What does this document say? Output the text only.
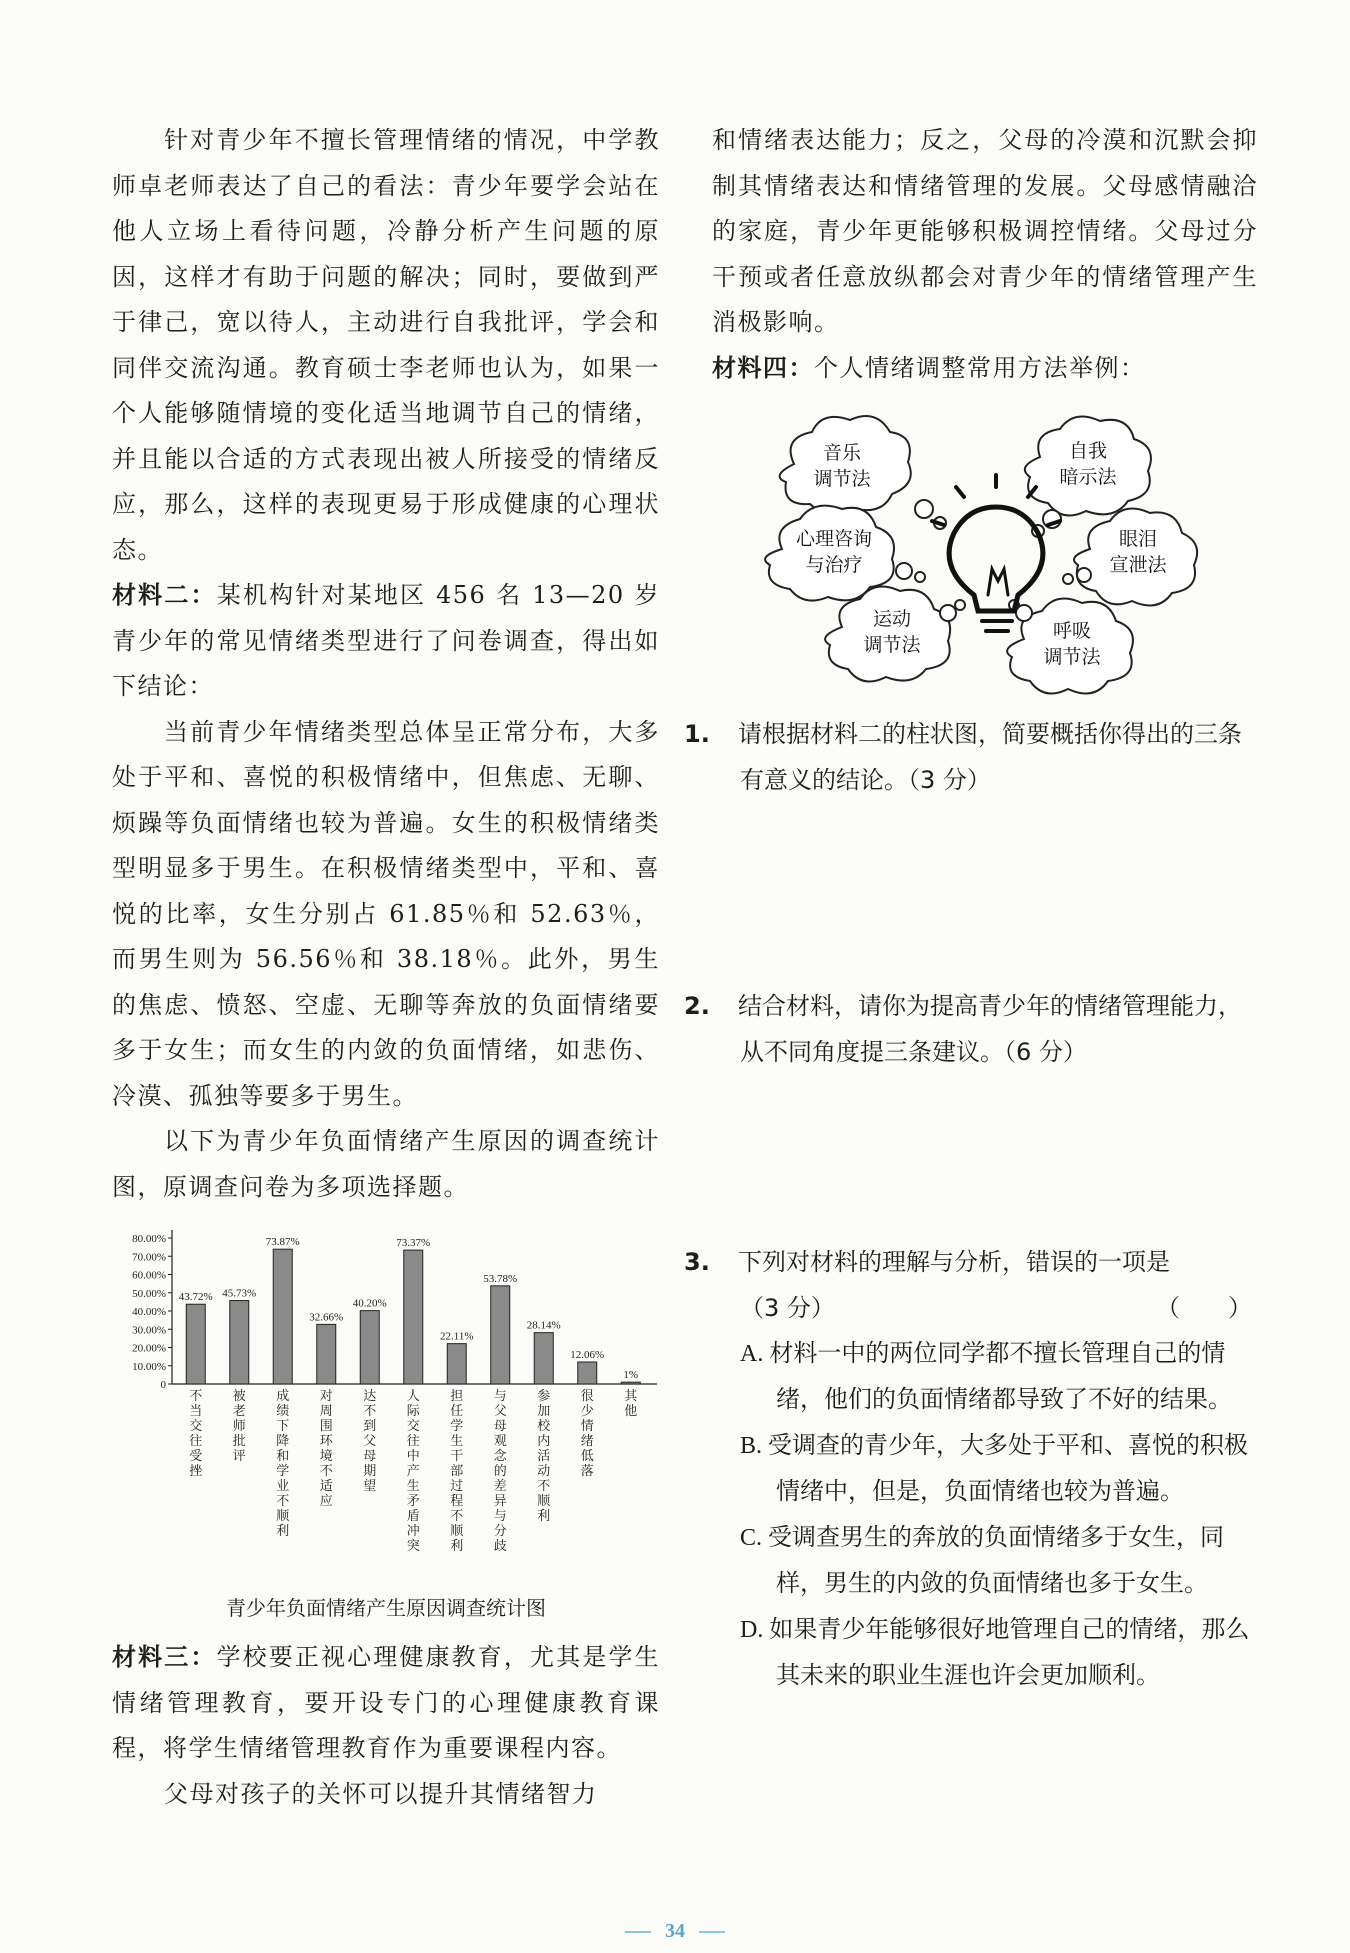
针对青少年不擅长管理情绪的情况，中学教师卓老师表达了自己的看法：青少年要学会站在他人立场上看待问题，冷静分析产生问题的原因，这样才有助于问题的解决；同时，要做到严于律己，宽以待人，主动进行自我批评，学会和同伴交流沟通。教育硕士李老师也认为，如果一个人能够随情境的变化适当地调节自己的情绪，并且能以合适的方式表现出被人所接受的情绪反应，那么，这样的表现更易于形成健康的心理状态。

材料二：某机构针对某地区 456 名 13—20 岁青少年的常见情绪类型进行了问卷调查，得出如下结论：

当前青少年情绪类型总体呈正常分布，大多处于平和、喜悦的积极情绪中，但焦虑、无聊、烦躁等负面情绪也较为普遍。女生的积极情绪类型明显多于男生。在积极情绪类型中，平和、喜悦的比率，女生分别占 61.85％和 52.63％，而男生则为 56.56％和 38.18％。此外，男生的焦虑、愤怒、空虚、无聊等奔放的负面情绪要多于女生；而女生的内敛的负面情绪，如悲伤、冷漠、孤独等要多于男生。

以下为青少年负面情绪产生原因的调查统计图，原调查问卷为多项选择题。

0
10.00%
20.00%
30.00%
40.00%
50.00%
60.00%
70.00%
80.00%
43.72%
不
当
交
往
受
挫
45.73%
被
老
师
批
评
73.87%
成
绩
下
降
和
学
业
不
顺
利
32.66%
对
周
围
环
境
不
适
应
40.20%
达
不
到
父
母
期
望
73.37%
人
际
交
往
中
产
生
矛
盾
冲
突
22.11%
担
任
学
生
干
部
过
程
不
顺
利
53.78%
与
父
母
观
念
的
差
异
与
分
歧
28.14%
参
加
校
内
活
动
不
顺
利
12.06%
很
少
情
绪
低
落
1%
其
他
青少年负面情绪产生原因调查统计图

材料三：学校要正视心理健康教育，尤其是学生情绪管理教育，要开设专门的心理健康教育课程，将学生情绪管理教育作为重要课程内容。

父母对孩子的关怀可以提升其情绪智力

和情绪表达能力；反之，父母的冷漠和沉默会抑制其情绪表达和情绪管理的发展。父母感情融洽的家庭，青少年更能够积极调控情绪。父母过分干预或者任意放纵都会对青少年的情绪管理产生消极影响。

材料四：个人情绪调整常用方法举例：

音乐
调节法
自我
暗示法
心理咨询
与治疗
眼泪
宣泄法
运动
调节法
呼吸
调节法
1. 请根据材料二的柱状图，简要概括你得出的三条有意义的结论。（3 分）
2. 结合材料，请你为提高青少年的情绪管理能力，从不同角度提三条建议。（6 分）
3. 下列对材料的理解与分析，错误的一项是
（3 分）	（　　）
A. 材料一中的两位同学都不擅长管理自己的情绪，他们的负面情绪都导致了不好的结果。
B. 受调查的青少年，大多处于平和、喜悦的积极情绪中，但是，负面情绪也较为普遍。
C. 受调查男生的奔放的负面情绪多于女生，同样，男生的内敛的负面情绪也多于女生。
D. 如果青少年能够很好地管理自己的情绪，那么其未来的职业生涯也许会更加顺利。
34
